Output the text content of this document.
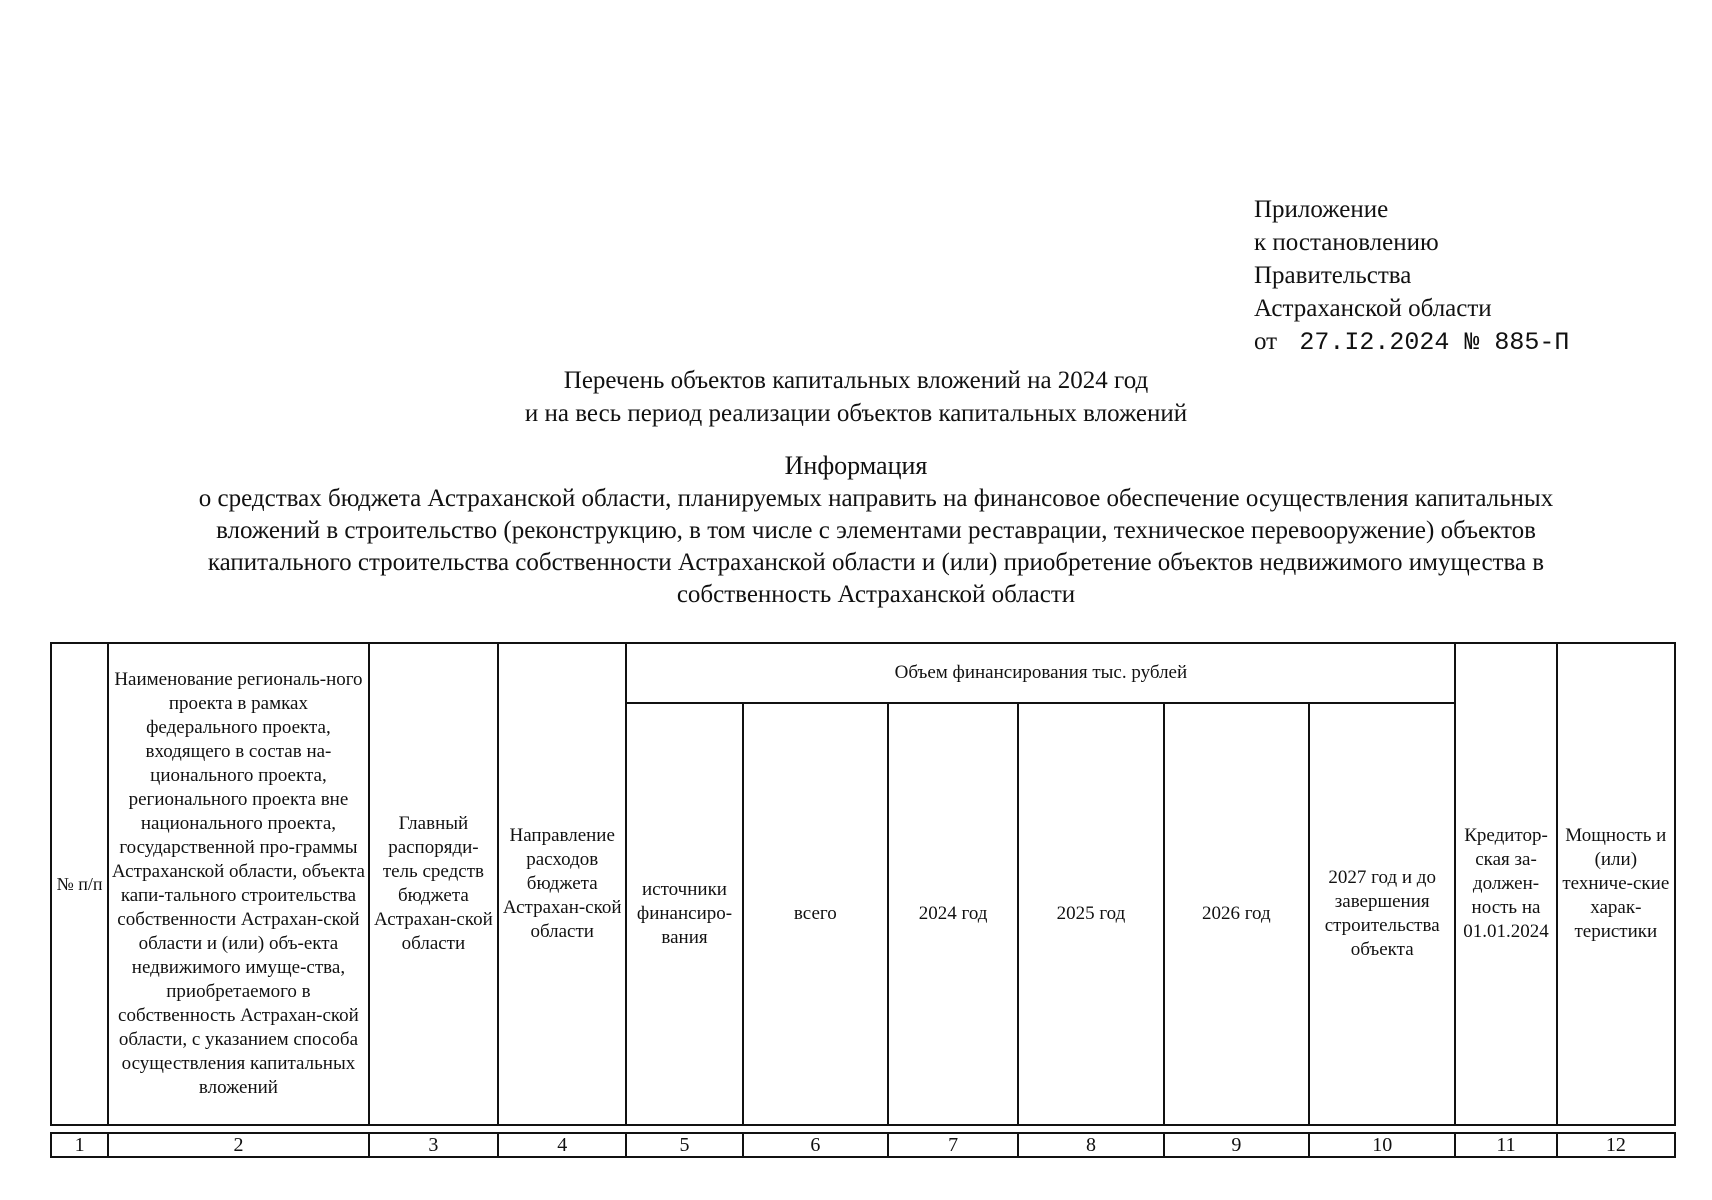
Приложение
к постановлению
Правительства
Астраханской области
от 27.I2.2024 № 885-П
Перечень объектов капитальных вложений на 2024 год
и на весь период реализации объектов капитальных вложений
Информация
о средствах бюджета Астраханской области, планируемых направить на финансовое обеспечение осуществления капитальных
вложений в строительство (реконструкцию, в том числе с элементами реставрации, техническое перевооружение) объектов
капитального строительства собственности Астраханской области и (или) приобретение объектов недвижимого имущества в
собственность Астраханской области
№ п/п	Наименование региональ-ного проекта в рамках федерального проекта, входящего в состав на-ционального проекта, регионального проекта вне национального проекта, государственной про-граммы Астраханской области, объекта капи-тального строительства собственности Астрахан-ской области и (или) объ-екта недвижимого имуще-ства, приобретаемого в собственность Астрахан-ской области, с указанием способа осуществления капитальных вложений	Главный распоряди-тель средств бюджета Астрахан-ской области	Направление расходов бюджета Астрахан-ской области	Объем финансирования тыс. рублей						Кредитор-ская за-должен-ность на 01.01.2024	Мощность и (или) техниче-ские харак-теристики
				источники финансиро-вания	всего	2024 год	2025 год	2026 год	2027 год и до завершения строительства объекта		

1	2	3	4	5	6	7	8	9	10	11	12
